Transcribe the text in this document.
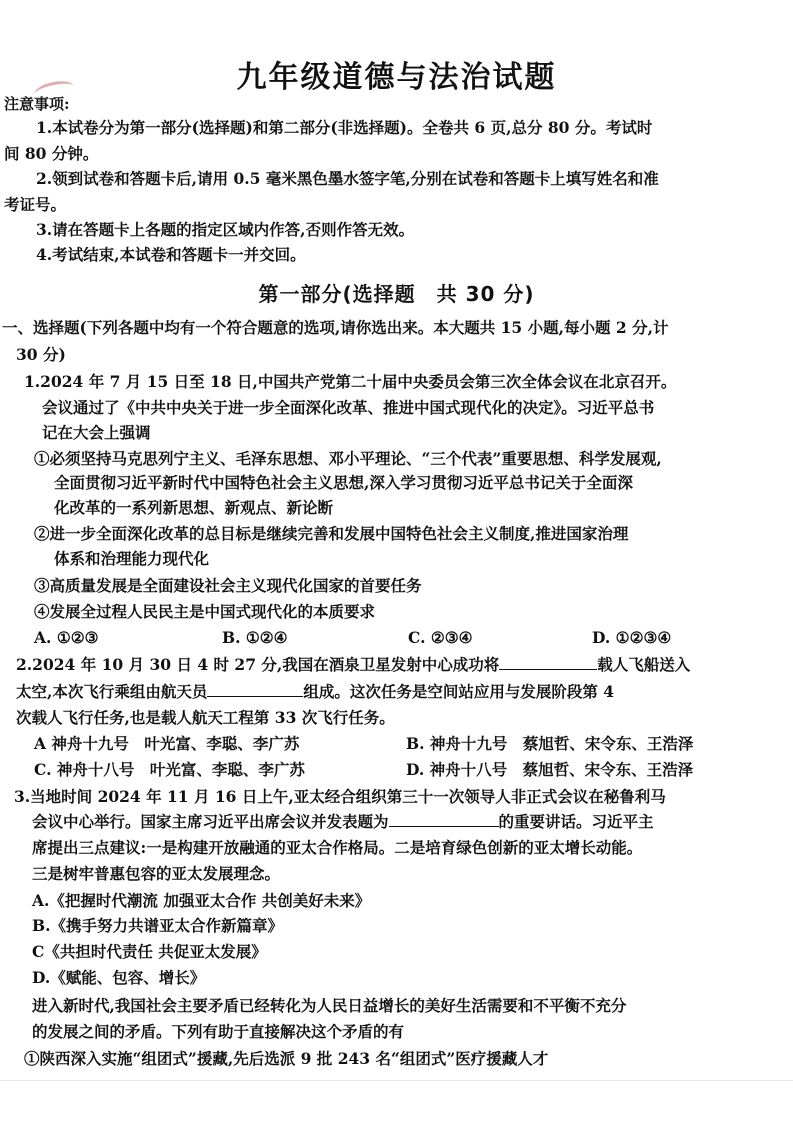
九年级道德与法治试题
注意事项:
1.本试卷分为第一部分(选择题)和第二部分(非选择题)。全卷共 6 页,总分 80 分。考试时
间 80 分钟。
2.领到试卷和答题卡后,请用 0.5 毫米黑色墨水签字笔,分别在试卷和答题卡上填写姓名和准
考证号。
3.请在答题卡上各题的指定区域内作答,否则作答无效。
4.考试结束,本试卷和答题卡一并交回。
第一部分(选择题　共 30 分)
一、选择题(下列各题中均有一个符合题意的选项,请你选出来。本大题共 15 小题,每小题 2 分,计
30 分)
1.2024 年 7 月 15 日至 18 日,中国共产党第二十届中央委员会第三次全体会议在北京召开。
会议通过了《中共中央关于进一步全面深化改革、推进中国式现代化的决定》。习近平总书
记在大会上强调
①必须坚持马克思列宁主义、毛泽东思想、邓小平理论、“三个代表”重要思想、科学发展观,
全面贯彻习近平新时代中国特色社会主义思想,深入学习贯彻习近平总书记关于全面深
化改革的一系列新思想、新观点、新论断
②进一步全面深化改革的总目标是继续完善和发展中国特色社会主义制度,推进国家治理
体系和治理能力现代化
③高质量发展是全面建设社会主义现代化国家的首要任务
④发展全过程人民民主是中国式现代化的本质要求
A. ①②③	B. ①②④	C. ②③④	D. ①②③④
2.2024 年 10 月 30 日 4 时 27 分,我国在酒泉卫星发射中心成功将	载人飞船送入
太空,本次飞行乘组由航天员	组成。这次任务是空间站应用与发展阶段第 4
次载人飞行任务,也是载人航天工程第 33 次飞行任务。
A 神舟十九号　叶光富、李聪、李广苏	B. 神舟十九号　蔡旭哲、宋令东、王浩泽
C. 神舟十八号　叶光富、李聪、李广苏	D. 神舟十八号　蔡旭哲、宋令东、王浩泽
3.当地时间 2024 年 11 月 16 日上午,亚太经合组织第三十一次领导人非正式会议在秘鲁利马
会议中心举行。国家主席习近平出席会议并发表题为	的重要讲话。习近平主
席提出三点建议:一是构建开放融通的亚太合作格局。二是培育绿色创新的亚太增长动能。
三是树牢普惠包容的亚太发展理念。
A.《把握时代潮流 加强亚太合作 共创美好未来》
B.《携手努力共谱亚太合作新篇章》
C《共担时代责任 共促亚太发展》
D.《赋能、包容、增长》
进入新时代,我国社会主要矛盾已经转化为人民日益增长的美好生活需要和不平衡不充分
的发展之间的矛盾。下列有助于直接解决这个矛盾的有
①陕西深入实施“组团式”援藏,先后选派 9 批 243 名“组团式”医疗援藏人才
